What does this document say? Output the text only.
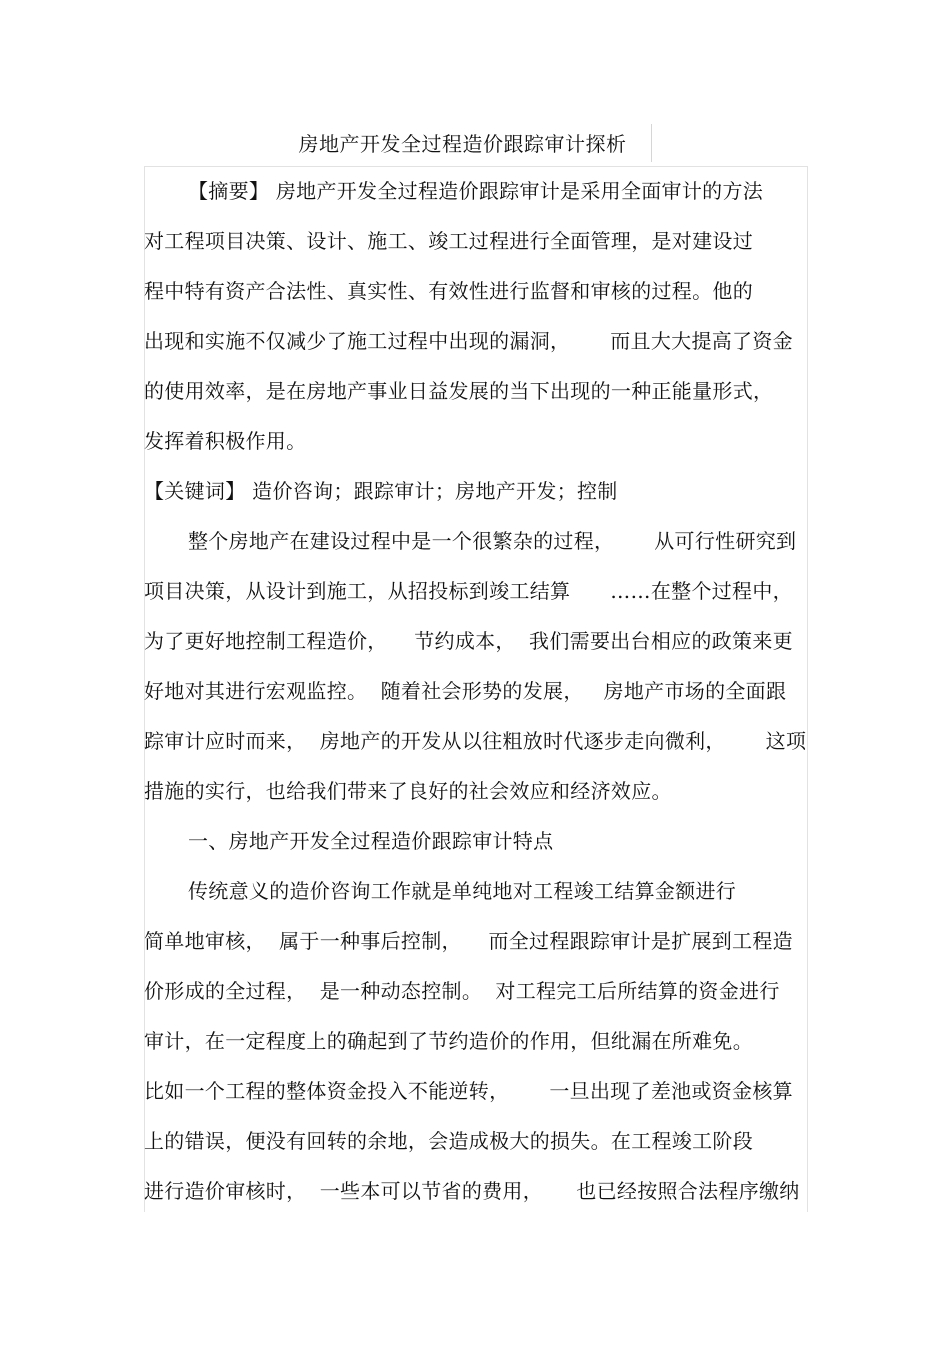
房地产开发全过程造价跟踪审计探析
【摘要】 房地产开发全过程造价跟踪审计是采用全面审计的方法
对工程项目决策、设计、施工、竣工过程进行全面管理，是对建设过
程中特有资产合法性、真实性、有效性进行监督和审核的过程。他的
出现和实施不仅减少了施工过程中出现的漏洞，      而且大大提高了资金
的使用效率，是在房地产事业日益发展的当下出现的一种正能量形式，
发挥着积极作用。
【关键词】 造价咨询；跟踪审计；房地产开发；控制
整个房地产在建设过程中是一个很繁杂的过程，      从可行性研究到
项目决策，从设计到施工，从招投标到竣工结算      ……在整个过程中，
为了更好地控制工程造价，    节约成本，  我们需要出台相应的政策来更
好地对其进行宏观监控。  随着社会形势的发展，   房地产市场的全面跟
踪审计应时而来，  房地产的开发从以往粗放时代逐步走向微利，      这项
措施的实行，也给我们带来了良好的社会效应和经济效应。
一、房地产开发全过程造价跟踪审计特点
传统意义的造价咨询工作就是单纯地对工程竣工结算金额进行
简单地审核，  属于一种事后控制，    而全过程跟踪审计是扩展到工程造
价形成的全过程，  是一种动态控制。  对工程完工后所结算的资金进行
审计，在一定程度上的确起到了节约造价的作用，但纰漏在所难免。
比如一个工程的整体资金投入不能逆转，      一旦出现了差池或资金核算
上的错误，便没有回转的余地，会造成极大的损失。在工程竣工阶段
进行造价审核时，  一些本可以节省的费用，     也已经按照合法程序缴纳
